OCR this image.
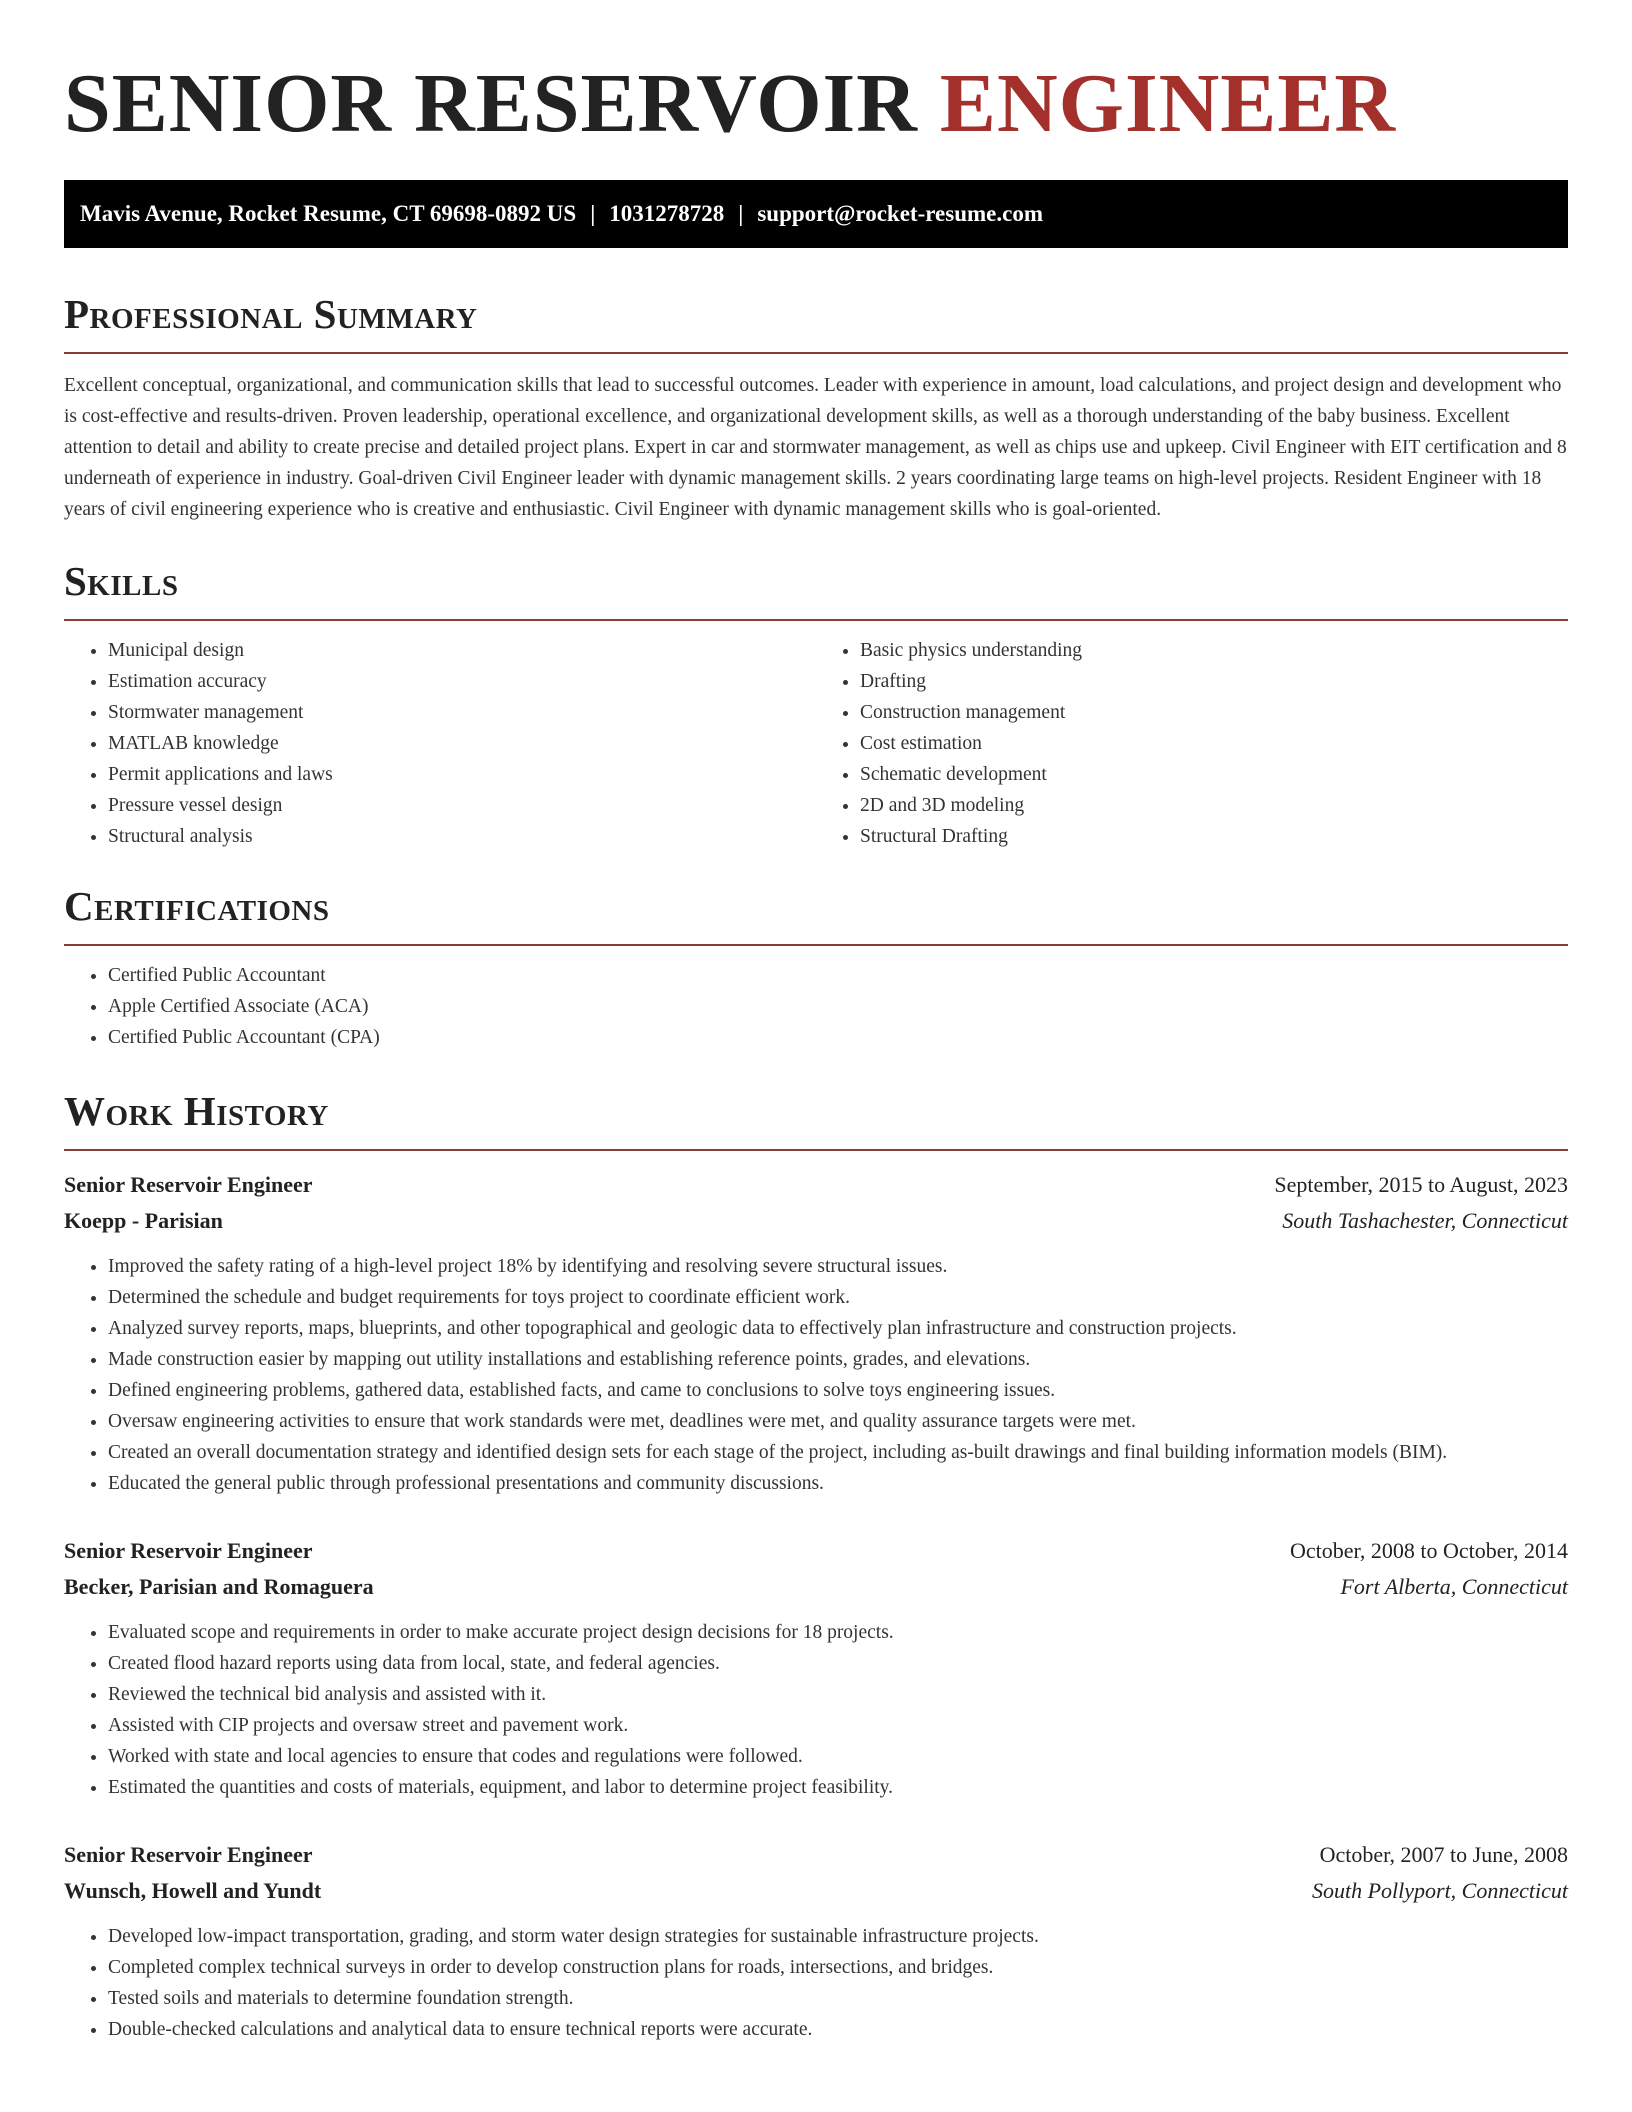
SENIOR RESERVOIR ENGINEER
Mavis Avenue, Rocket Resume, CT 69698-0892 US | 1031278728 | support@rocket-resume.com
Professional Summary

Excellent conceptual, organizational, and communication skills that lead to successful outcomes. Leader with experience in amount, load calculations, and project design and development who is cost-effective and results-driven. Proven leadership, operational excellence, and organizational development skills, as well as a thorough understanding of the baby business. Excellent attention to detail and ability to create precise and detailed project plans. Expert in car and stormwater management, as well as chips use and upkeep. Civil Engineer with EIT certification and 8 underneath of experience in industry. Goal-driven Civil Engineer leader with dynamic management skills. 2 years coordinating large teams on high-level projects. Resident Engineer with 18 years of civil engineering experience who is creative and enthusiastic. Civil Engineer with dynamic management skills who is goal-oriented.

Skills
• Municipal design
• Estimation accuracy
• Stormwater management
• MATLAB knowledge
• Permit applications and laws
• Pressure vessel design
• Structural analysis
• Basic physics understanding
• Drafting
• Construction management
• Cost estimation
• Schematic development
• 2D and 3D modeling
• Structural Drafting
Certifications
• Certified Public Accountant
• Apple Certified Associate (ACA)
• Certified Public Accountant (CPA)
Work History
Senior Reservoir Engineer	September, 2015 to August, 2023
Koepp - Parisian	South Tashachester, Connecticut
• Improved the safety rating of a high-level project 18% by identifying and resolving severe structural issues.
• Determined the schedule and budget requirements for toys project to coordinate efficient work.
• Analyzed survey reports, maps, blueprints, and other topographical and geologic data to effectively plan infrastructure and construction projects.
• Made construction easier by mapping out utility installations and establishing reference points, grades, and elevations.
• Defined engineering problems, gathered data, established facts, and came to conclusions to solve toys engineering issues.
• Oversaw engineering activities to ensure that work standards were met, deadlines were met, and quality assurance targets were met.
• Created an overall documentation strategy and identified design sets for each stage of the project, including as-built drawings and final building information models (BIM).
• Educated the general public through professional presentations and community discussions.
Senior Reservoir Engineer	October, 2008 to October, 2014
Becker, Parisian and Romaguera	Fort Alberta, Connecticut
• Evaluated scope and requirements in order to make accurate project design decisions for 18 projects.
• Created flood hazard reports using data from local, state, and federal agencies.
• Reviewed the technical bid analysis and assisted with it.
• Assisted with CIP projects and oversaw street and pavement work.
• Worked with state and local agencies to ensure that codes and regulations were followed.
• Estimated the quantities and costs of materials, equipment, and labor to determine project feasibility.
Senior Reservoir Engineer	October, 2007 to June, 2008
Wunsch, Howell and Yundt	South Pollyport, Connecticut
• Developed low-impact transportation, grading, and storm water design strategies for sustainable infrastructure projects.
• Completed complex technical surveys in order to develop construction plans for roads, intersections, and bridges.
• Tested soils and materials to determine foundation strength.
• Double-checked calculations and analytical data to ensure technical reports were accurate.
